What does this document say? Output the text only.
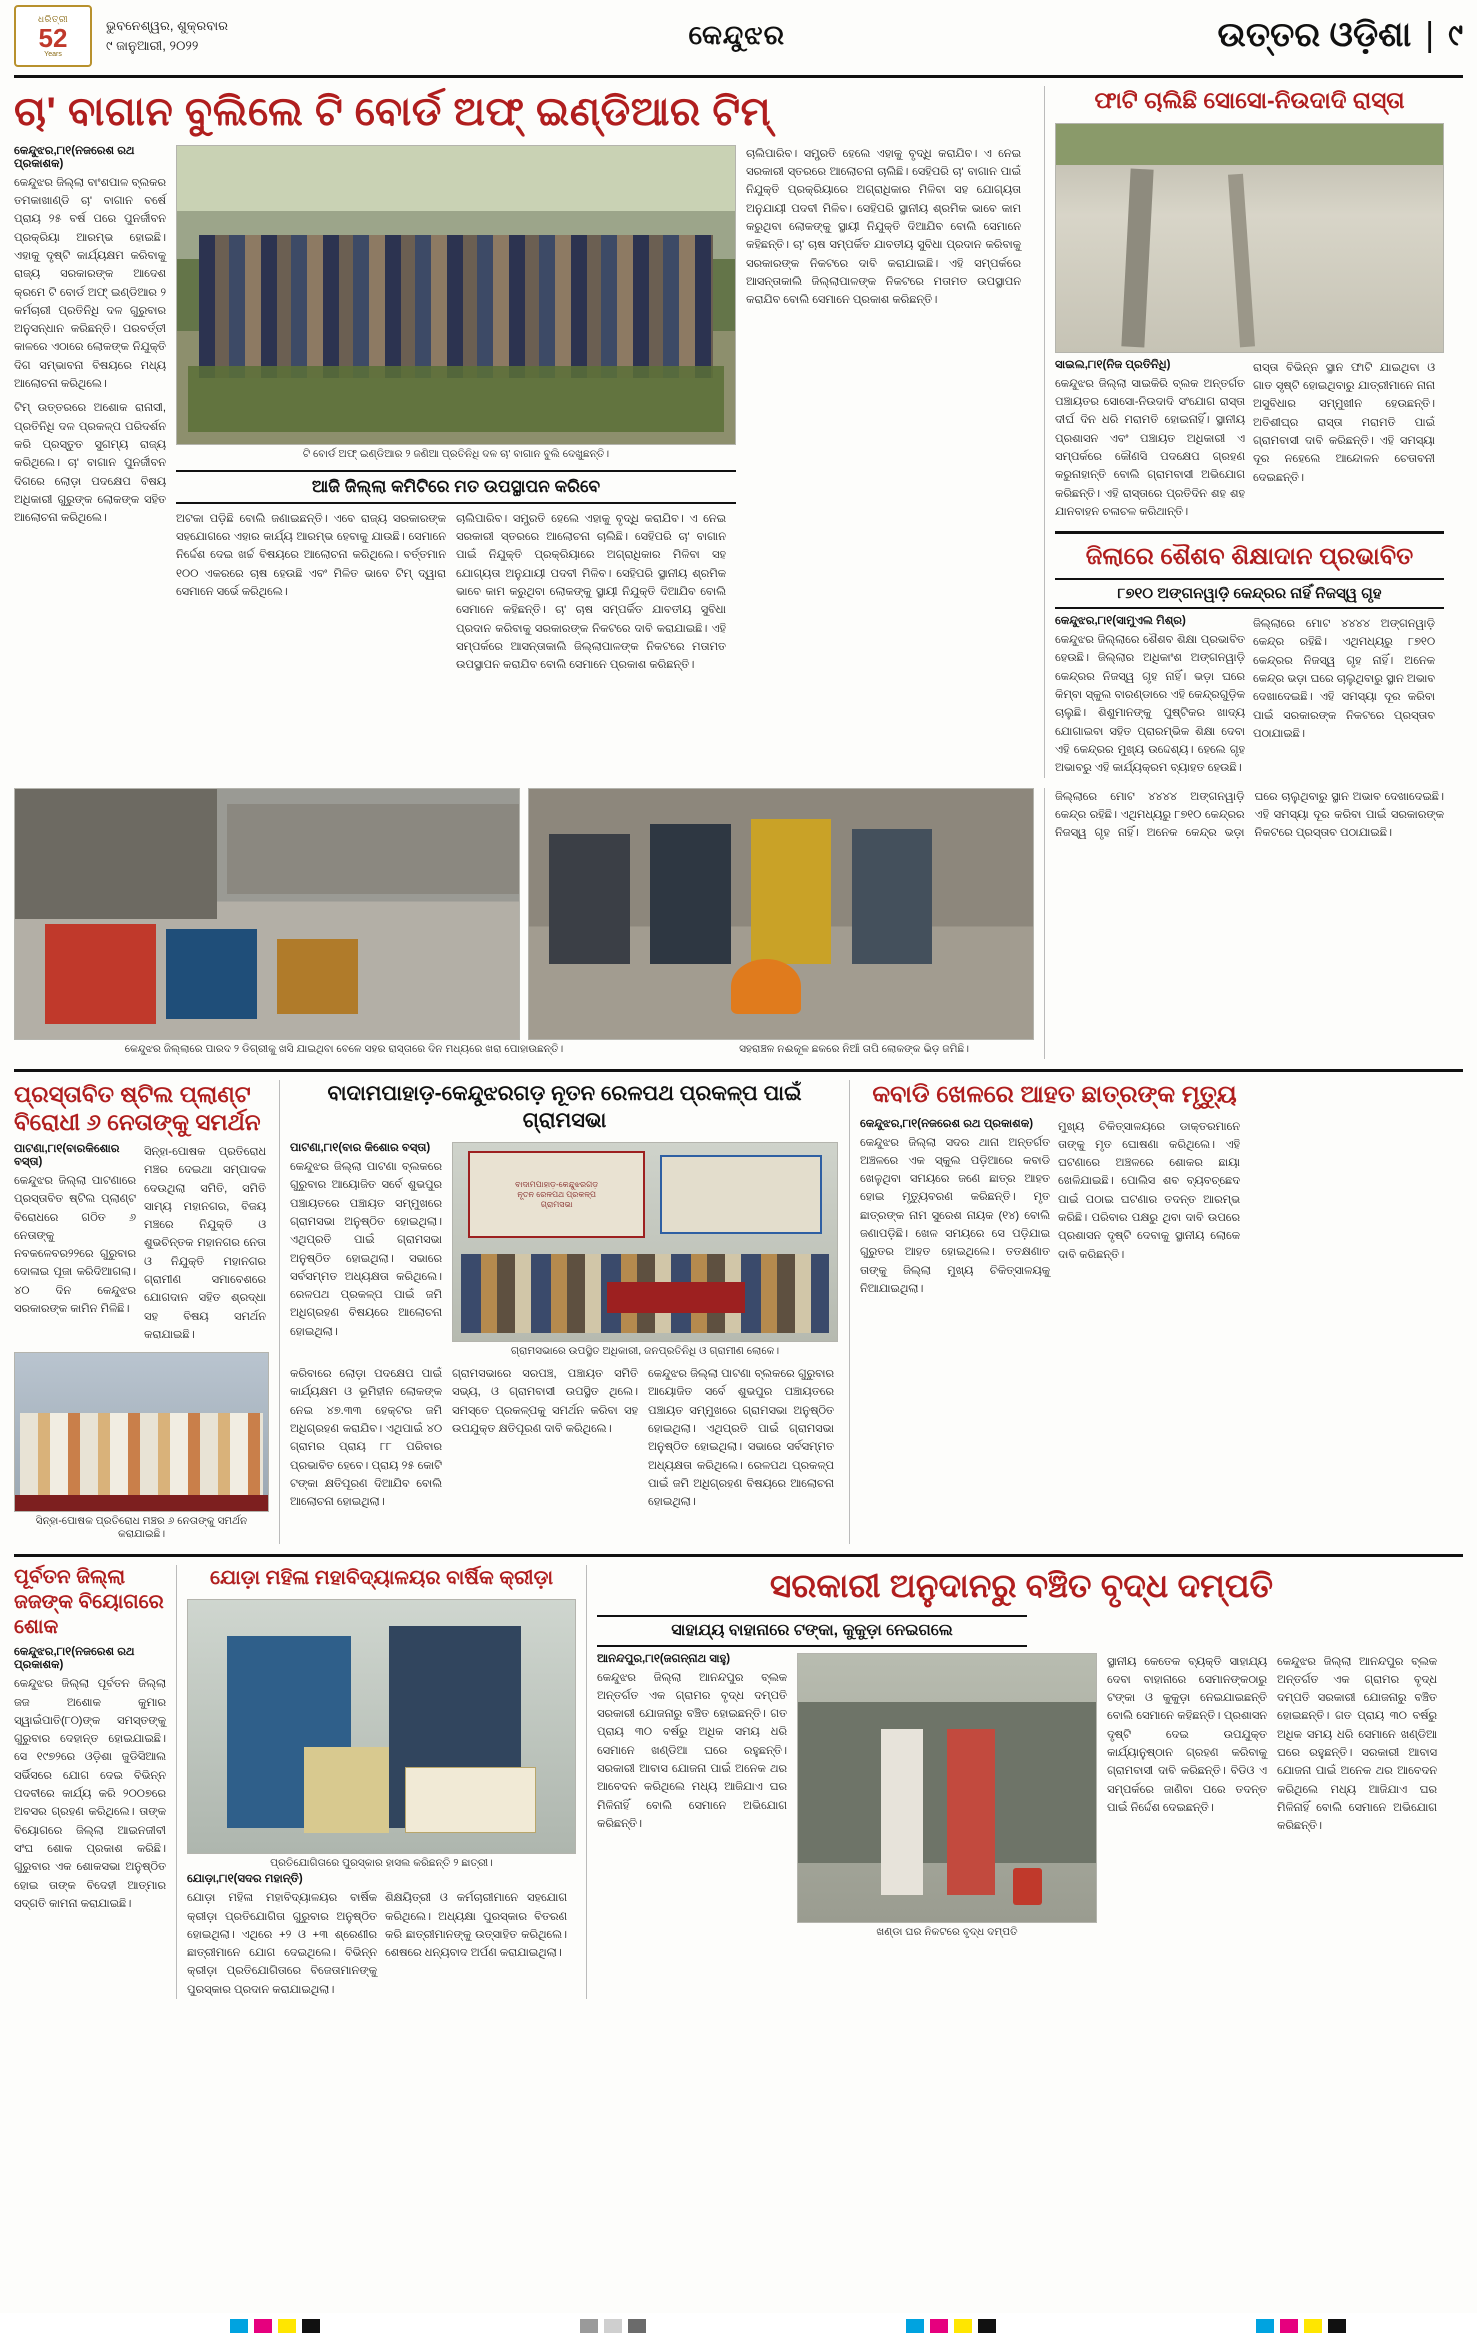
ଧରିତ୍ରୀ
52
Years
ଭୁବନେଶ୍ୱର, ଶୁକ୍ରବାର
୯ ଜାନୁଆରୀ, ୨୦୨୨	କେନ୍ଦୁଝର	ଉତ୍ତର ଓଡ଼ିଶା | ୯
ଚା' ବାଗାନ ବୁଲିଲେ ଟି ବୋର୍ଡ ଅଫ୍ ଇଣ୍ଡିଆର ଟିମ୍
କେନ୍ଦୁଝର,୮ା୧(ନଜରେଶ ରଥ ପ୍ରକାଶକ)
କେନ୍ଦୁଝର ଜିଲ୍ଲା ବାଂଶପାଳ ବ୍ଲକର ତମକାଖାଣ୍ଡି ଚା' ବାଗାନ ବର୍ଷେ ପ୍ରାୟ ୨୫ ବର୍ଷ ପରେ ପୁନର୍ଜୀବନ ପ୍ରକ୍ରିୟା ଆରମ୍ଭ ହୋଇଛି। ଏହାକୁ ଦୃଷ୍ଟି କାର୍ଯ୍ୟକ୍ଷମ କରିବାକୁ ରାଜ୍ୟ ସରକାରଙ୍କ ଆଦେଶ କ୍ରମେ ଟି ବୋର୍ଡ ଅଫ୍ ଇଣ୍ଡିଆର ୨ କର୍ମଚାରୀ ପ୍ରତିନିଧି ଦଳ ଗୁରୁବାର ଅନୁସନ୍ଧାନ କରିଛନ୍ତି। ପରବର୍ତ୍ତୀ କାଳରେ ଏଠାରେ ଲୋକଙ୍କ ନିଯୁକ୍ତି ଦିଗ ସମ୍ଭାବନା ବିଷୟରେ ମଧ୍ୟ ଆଲୋଚନା କରିଥିଲେ।
ଟିମ୍ ଉତ୍ତରରେ ଅଶୋକ ରାନାସୀ, ପ୍ରତିନିଧି ଦଳ ପ୍ରକଳ୍ପ ପରିଦର୍ଶନ କରି ପ୍ରସ୍ତୁତ ସୁଗମ୍ୟ ରାଜ୍ୟ କରିଥିଲେ। ଚା' ବାଗାନ ପୁନର୍ଜୀବନ ଦିଗରେ ଲୋଡ଼ା ପଦକ୍ଷେପ ବିଷୟ ଅଧିକାରୀ ଗୁରୁଙ୍କ ଲୋକଙ୍କ ସହିତ ଆଲୋଚନା କରିଥିଲେ।
ଟି ବୋର୍ଡ ଅଫ୍ ଇଣ୍ଡିଆର ୨ ଜଣିଆ ପ୍ରତିନିଧି ଦଳ ଚା' ବାଗାନ ବୁଲି ଦେଖୁଛନ୍ତି।
ଆଜି ଜିଲ୍ଲା କମିଟିରେ ମତ ଉପସ୍ଥାପନ କରିବେ
ଅଟକା ପଡ଼ିଛି ବୋଲି ଜଣାଇଛନ୍ତି। ଏବେ ରାଜ୍ୟ ସରକାରଙ୍କ ସହଯୋଗରେ ଏହାର କାର୍ଯ୍ୟ ଆରମ୍ଭ ହେବାକୁ ଯାଉଛି। ସେମାନେ ନିର୍ଦ୍ଦେଶ ଦେଇ ଖର୍ଚ୍ଚ ବିଷୟରେ ଆଲୋଚନା କରିଥିଲେ। ବର୍ତ୍ତମାନ ୧୦୦ ଏକରରେ ଚାଷ ହେଉଛି ଏବଂ ମିଳିତ ଭାବେ ଟିମ୍ ଦ୍ୱାରା ସେମାନେ ସର୍ଭେ କରିଥିଲେ।
ଚାଲିପାରିବ। ସମ୍ପ୍ରତି ହେଲେ ଏହାକୁ ବୃଦ୍ଧି କରାଯିବ। ଏ ନେଇ ସରକାରୀ ସ୍ତରରେ ଆଲୋଚନା ଚାଲିଛି। ସେହିପରି ଚା' ବାଗାନ ପାଇଁ ନିଯୁକ୍ତି ପ୍ରକ୍ରିୟାରେ ଅଗ୍ରାଧିକାର ମିଳିବା ସହ ଯୋଗ୍ୟତା ଅନୁଯାୟୀ ପଦବୀ ମିଳିବ। ସେହିପରି ସ୍ଥାନୀୟ ଶ୍ରମିକ ଭାବେ କାମ କରୁଥିବା ଲୋକଙ୍କୁ ସ୍ଥାୟୀ ନିଯୁକ୍ତି ଦିଆଯିବ ବୋଲି ସେମାନେ କହିଛନ୍ତି। ଚା' ଚାଷ ସମ୍ପର୍କିତ ଯାବତୀୟ ସୁବିଧା ପ୍ରଦାନ କରିବାକୁ ସରକାରଙ୍କ ନିକଟରେ ଦାବି କରାଯାଇଛି। ଏହି ସମ୍ପର୍କରେ ଆସନ୍ତାକାଲି ଜିଲ୍ଲାପାଳଙ୍କ ନିକଟରେ ମତାମତ ଉପସ୍ଥାପନ କରାଯିବ ବୋଲି ସେମାନେ ପ୍ରକାଶ କରିଛନ୍ତି।
ଚାଲିପାରିବ। ସମ୍ପ୍ରତି ହେଲେ ଏହାକୁ ବୃଦ୍ଧି କରାଯିବ। ଏ ନେଇ ସରକାରୀ ସ୍ତରରେ ଆଲୋଚନା ଚାଲିଛି। ସେହିପରି ଚା' ବାଗାନ ପାଇଁ ନିଯୁକ୍ତି ପ୍ରକ୍ରିୟାରେ ଅଗ୍ରାଧିକାର ମିଳିବା ସହ ଯୋଗ୍ୟତା ଅନୁଯାୟୀ ପଦବୀ ମିଳିବ। ସେହିପରି ସ୍ଥାନୀୟ ଶ୍ରମିକ ଭାବେ କାମ କରୁଥିବା ଲୋକଙ୍କୁ ସ୍ଥାୟୀ ନିଯୁକ୍ତି ଦିଆଯିବ ବୋଲି ସେମାନେ କହିଛନ୍ତି। ଚା' ଚାଷ ସମ୍ପର୍କିତ ଯାବତୀୟ ସୁବିଧା ପ୍ରଦାନ କରିବାକୁ ସରକାରଙ୍କ ନିକଟରେ ଦାବି କରାଯାଇଛି। ଏହି ସମ୍ପର୍କରେ ଆସନ୍ତାକାଲି ଜିଲ୍ଲାପାଳଙ୍କ ନିକଟରେ ମତାମତ ଉପସ୍ଥାପନ କରାଯିବ ବୋଲି ସେମାନେ ପ୍ରକାଶ କରିଛନ୍ତି।
ଫାଟି ଚାଲିଛି ସୋସୋ-ନିଉଦାଦି ରାସ୍ତା
ସାଇଲ,୮ା୧(ନିଜ ପ୍ରତିନିଧି)
କେନ୍ଦୁଝର ଜିଲ୍ଲା ସାଇକିରି ବ୍ଲକ ଅନ୍ତର୍ଗତ ପଞ୍ଚାୟତର ସୋସୋ-ନିଉଦାଦି ସଂଯୋଗ ରାସ୍ତା ଦୀର୍ଘ ଦିନ ଧରି ମରାମତି ହୋଇନାହିଁ। ସ୍ଥାନୀୟ ପ୍ରଶାସନ ଏବଂ ପଞ୍ଚାୟତ ଅଧିକାରୀ ଏ ସମ୍ପର୍କରେ କୌଣସି ପଦକ୍ଷେପ ଗ୍ରହଣ କରୁନାହାନ୍ତି ବୋଲି ଗ୍ରାମବାସୀ ଅଭିଯୋଗ କରିଛନ୍ତି। ଏହି ରାସ୍ତାରେ ପ୍ରତିଦିନ ଶହ ଶହ ଯାନବାହନ ଚଳାଚଳ କରିଥାନ୍ତି।
ରାସ୍ତା ବିଭିନ୍ନ ସ୍ଥାନ ଫାଟି ଯାଇଥିବା ଓ ଗାତ ସୃଷ୍ଟି ହୋଇଥିବାରୁ ଯାତ୍ରୀମାନେ ନାନା ଅସୁବିଧାର ସମ୍ମୁଖୀନ ହେଉଛନ୍ତି। ଅତିଶୀଘ୍ର ରାସ୍ତା ମରାମତି ପାଇଁ ଗ୍ରାମବାସୀ ଦାବି କରିଛନ୍ତି। ଏହି ସମସ୍ୟା ଦୂର ନହେଲେ ଆନ୍ଦୋଳନ ଚେତାବନୀ ଦେଇଛନ୍ତି।
ଜିଲାରେ ଶୈଶବ ଶିକ୍ଷାଦାନ ପ୍ରଭାବିତ
୮୭୧୦ ଅଙ୍ଗନୱାଡ଼ି କେନ୍ଦ୍ରର ନାହିଁ ନିଜସ୍ୱ ଗୃହ
କେନ୍ଦୁଝର,୮ା୧(ସାମୁଏଲ ମିଶ୍ର)
କେନ୍ଦୁଝର ଜିଲ୍ଲାରେ ଶୈଶବ ଶିକ୍ଷା ପ୍ରଭାବିତ ହେଉଛି। ଜିଲ୍ଲାର ଅଧିକାଂଶ ଅଙ୍ଗନୱାଡ଼ି କେନ୍ଦ୍ରର ନିଜସ୍ୱ ଗୃହ ନାହିଁ। ଭଡ଼ା ଘରେ କିମ୍ବା ସ୍କୁଲ ବାରଣ୍ଡାରେ ଏହି କେନ୍ଦ୍ରଗୁଡ଼ିକ ଚାଲୁଛି। ଶିଶୁମାନଙ୍କୁ ପୁଷ୍ଟିକର ଖାଦ୍ୟ ଯୋଗାଇବା ସହିତ ପ୍ରାରମ୍ଭିକ ଶିକ୍ଷା ଦେବା ଏହି କେନ୍ଦ୍ରର ମୁଖ୍ୟ ଉଦ୍ଦେଶ୍ୟ। ହେଲେ ଗୃହ ଅଭାବରୁ ଏହି କାର୍ଯ୍ୟକ୍ରମ ବ୍ୟାହତ ହେଉଛି।
ଜିଲ୍ଲାରେ ମୋଟ ୪୪୪୪ ଅଙ୍ଗନୱାଡ଼ି କେନ୍ଦ୍ର ରହିଛି। ଏଥିମଧ୍ୟରୁ ୮୭୧୦ କେନ୍ଦ୍ରର ନିଜସ୍ୱ ଗୃହ ନାହିଁ। ଅନେକ କେନ୍ଦ୍ର ଭଡ଼ା ଘରେ ଚାଲୁଥିବାରୁ ସ୍ଥାନ ଅଭାବ ଦେଖାଦେଇଛି। ଏହି ସମସ୍ୟା ଦୂର କରିବା ପାଇଁ ସରକାରଙ୍କ ନିକଟରେ ପ୍ରସ୍ତାବ ପଠାଯାଇଛି।
କେନ୍ଦୁଝର ଜିଲ୍ଲାରେ ପାରଦ ୨ ଡିଗ୍ରୀକୁ ଖସି ଯାଇଥିବା ବେଳେ ସହର ରାସ୍ତାରେ ଦିନ ମଧ୍ୟରେ ଖରା ପୋହାଉଛନ୍ତି।	ସହରାଞ୍ଚଳ ନଈକୂଳ ଛକରେ ନିଆଁ ତାପି ଲୋକଙ୍କ ଭିଡ଼ ଜମିଛି।
ଜିଲ୍ଲାରେ ମୋଟ ୪୪୪୪ ଅଙ୍ଗନୱାଡ଼ି କେନ୍ଦ୍ର ରହିଛି। ଏଥିମଧ୍ୟରୁ ୮୭୧୦ କେନ୍ଦ୍ରର ନିଜସ୍ୱ ଗୃହ ନାହିଁ। ଅନେକ କେନ୍ଦ୍ର ଭଡ଼ା ଘରେ ଚାଲୁଥିବାରୁ ସ୍ଥାନ ଅଭାବ ଦେଖାଦେଇଛି। ଏହି ସମସ୍ୟା ଦୂର କରିବା ପାଇଁ ସରକାରଙ୍କ ନିକଟରେ ପ୍ରସ୍ତାବ ପଠାଯାଇଛି।
ପ୍ରସ୍ତାବିତ ଷ୍ଟିଲ ପ୍ଲାଣ୍ଟ ବିରୋଧୀ ୬ ନେତାଙ୍କୁ ସମର୍ଥନ
ପାଟଣା,୮ା୧(ବାରକିଶୋର ବସ୍ତା)
କେନ୍ଦୁଝର ଜିଲ୍ଲା ପାଟଣାରେ ପ୍ରସ୍ତାବିତ ଷ୍ଟିଲ ପ୍ଲାଣ୍ଟ ବିରୋଧରେ ଗଠିତ ୬ ନେତାଙ୍କୁ ନବକଳେବର୨୨ରେ ଗୁରୁବାର ଦୋଳାଇ ପୂଜା କରିଦିଆଗଲା। ୪୦ ଦିନ କେନ୍ଦୁଝର ସରକାରଙ୍କ କାମିନ ମିଳିଛି।
ସିନ୍ହା-ପୋଷକ ପ୍ରତିରୋଧ ମଞ୍ଚର ଦେଇଥା ସମ୍ପାଦକ ଦେଉଥିଲା ସମିତି, ସମିତି ସାମ୍ୟ ମହାନଗର, ବିଜୟ ମଞ୍ଚରେ ନିଯୁକ୍ତି ଓ ଶୁଭଚିନ୍ତକ ମହାନଗର ନେତା ଓ ନିଯୁକ୍ତି ମହାନଗର ଗ୍ରାମୀଣ ସମାବେଶରେ ଯୋଗଦାନ ସହିତ ଶ୍ରଦ୍ଧା ସହ ବିଷୟ ସମର୍ଥନ କରାଯାଇଛି।
ସିନ୍ହା-ପୋଷକ ପ୍ରତିରୋଧ ମଞ୍ଚର ୬ ନେତାଙ୍କୁ ସମର୍ଥନ କରାଯାଇଛି।
ବାଦାମପାହାଡ଼-କେନ୍ଦୁଝରଗଡ଼ ନୂତନ ରେଳପଥ ପ୍ରକଳ୍ପ ପାଇଁ ଗ୍ରାମସଭା
ପାଟଣା,୮ା୧(ବାର କିଶୋର ବସ୍ତା)
କେନ୍ଦୁଝର ଜିଲ୍ଲା ପାଟଣା ବ୍ଲକରେ ଗୁରୁବାର ଆୟୋଜିତ ସର୍ବେ ଶୁଭପୁର ପଞ୍ଚାୟତରେ ପଞ୍ଚାୟତ ସମ୍ମୁଖରେ ଗ୍ରାମସଭା ଅନୁଷ୍ଠିତ ହୋଇଥିଲା। ଏଥିପ୍ରତି ପାଇଁ ଗ୍ରାମସଭା ଅନୁଷ୍ଠିତ ହୋଇଥିଲା। ସଭାରେ ସର୍ବସମ୍ମତ ଅଧ୍ୟକ୍ଷତା କରିଥିଲେ। ରେଳପଥ ପ୍ରକଳ୍ପ ପାଇଁ ଜମି ଅଧିଗ୍ରହଣ ବିଷୟରେ ଆଲୋଚନା ହୋଇଥିଲା।
ବାଦାମପାହାଡ଼-କେନ୍ଦୁଝରଗଡ଼
ନୂତନ ରେଳପଥ ପ୍ରକଳ୍ପ
ଗ୍ରାମସଭା
ଗ୍ରାମସଭାରେ ଉପସ୍ଥିତ ଅଧିକାରୀ, ଜନପ୍ରତିନିଧି ଓ ଗ୍ରାମୀଣ ଲୋକେ।
କରିବାରେ ଲୋଡ଼ା ପଦକ୍ଷେପ ପାଇଁ କାର୍ଯ୍ୟକ୍ଷମ ଓ ଭୂମିହୀନ ଲୋକଙ୍କ ନେଇ ୪୭.୩୩ ହେକ୍ଟର ଜମି ଅଧିଗ୍ରହଣ କରାଯିବ। ଏଥିପାଇଁ ୪୦ ଗ୍ରାମର ପ୍ରାୟ ୮୮ ପରିବାର ପ୍ରଭାବିତ ହେବେ। ପ୍ରାୟ ୨୫ କୋଟି ଟଙ୍କା କ୍ଷତିପୂରଣ ଦିଆଯିବ ବୋଲି ଆଲୋଚନା ହୋଇଥିଲା।
ଗ୍ରାମସଭାରେ ସରପଞ୍ଚ, ପଞ୍ଚାୟତ ସମିତି ସଭ୍ୟ, ଓ ଗ୍ରାମବାସୀ ଉପସ୍ଥିତ ଥିଲେ। ସମସ୍ତେ ପ୍ରକଳ୍ପକୁ ସମର୍ଥନ କରିବା ସହ ଉପଯୁକ୍ତ କ୍ଷତିପୂରଣ ଦାବି କରିଥିଲେ।
କେନ୍ଦୁଝର ଜିଲ୍ଲା ପାଟଣା ବ୍ଲକରେ ଗୁରୁବାର ଆୟୋଜିତ ସର୍ବେ ଶୁଭପୁର ପଞ୍ଚାୟତରେ ପଞ୍ଚାୟତ ସମ୍ମୁଖରେ ଗ୍ରାମସଭା ଅନୁଷ୍ଠିତ ହୋଇଥିଲା। ଏଥିପ୍ରତି ପାଇଁ ଗ୍ରାମସଭା ଅନୁଷ୍ଠିତ ହୋଇଥିଲା। ସଭାରେ ସର୍ବସମ୍ମତ ଅଧ୍ୟକ୍ଷତା କରିଥିଲେ। ରେଳପଥ ପ୍ରକଳ୍ପ ପାଇଁ ଜମି ଅଧିଗ୍ରହଣ ବିଷୟରେ ଆଲୋଚନା ହୋଇଥିଲା।
କବାଡି ଖେଳରେ ଆହତ ଛାତ୍ରଙ୍କ ମୃତ୍ୟୁ
କେନ୍ଦୁଝର,୮ା୧(ନଜରେଶ ରଥ ପ୍ରକାଶକ)
କେନ୍ଦୁଝର ଜିଲ୍ଲା ସଦର ଥାନା ଅନ୍ତର୍ଗତ ଅଞ୍ଚଳରେ ଏକ ସ୍କୁଲ ପଡ଼ିଆରେ କବାଡି ଖେଳୁଥିବା ସମୟରେ ଜଣେ ଛାତ୍ର ଆହତ ହୋଇ ମୃତ୍ୟୁବରଣ କରିଛନ୍ତି। ମୃତ ଛାତ୍ରଙ୍କ ନାମ ସୁରେଶ ନାୟକ (୧୪) ବୋଲି ଜଣାପଡ଼ିଛି। ଖେଳ ସମୟରେ ସେ ପଡ଼ିଯାଇ ଗୁରୁତର ଆହତ ହୋଇଥିଲେ। ତତକ୍ଷଣାତ ତାଙ୍କୁ ଜିଲ୍ଲା ମୁଖ୍ୟ ଚିକିତ୍ସାଳୟକୁ ନିଆଯାଇଥିଲା।
ମୁଖ୍ୟ ଚିକିତ୍ସାଳୟରେ ଡାକ୍ତରମାନେ ତାଙ୍କୁ ମୃତ ଘୋଷଣା କରିଥିଲେ। ଏହି ଘଟଣାରେ ଅଞ୍ଚଳରେ ଶୋକର ଛାୟା ଖେଳିଯାଇଛି। ପୋଲିସ ଶବ ବ୍ୟବଚ୍ଛେଦ ପାଇଁ ପଠାଇ ଘଟଣାର ତଦନ୍ତ ଆରମ୍ଭ କରିଛି। ପରିବାର ପକ୍ଷରୁ ଥିବା ଦାବି ଉପରେ ପ୍ରଶାସନ ଦୃଷ୍ଟି ଦେବାକୁ ସ୍ଥାନୀୟ ଲୋକେ ଦାବି କରିଛନ୍ତି।
ପୂର୍ବତନ ଜିଲ୍ଲା ଜଜଙ୍କ ବିୟୋଗରେ ଶୋକ
କେନ୍ଦୁଝର,୮ା୧(ନଜରେଶ ରଥ ପ୍ରକାଶକ)
କେନ୍ଦୁଝର ଜିଲ୍ଲା ପୂର୍ବତନ ଜିଲ୍ଲା ଜଜ ଅଶୋକ କୁମାର ସ୍ୱାଇଁପାତି(୮୦)ଙ୍କ ସମସ୍ତଙ୍କୁ ଗୁରୁବାର ଦେହାନ୍ତ ହୋଇଯାଇଛି। ସେ ୧୯୭୨ରେ ଓଡ଼ିଶା ଜୁଡିସିଆଲ ସର୍ଭିସରେ ଯୋଗ ଦେଇ ବିଭିନ୍ନ ପଦବୀରେ କାର୍ଯ୍ୟ କରି ୨୦୦୭ରେ ଅବସର ଗ୍ରହଣ କରିଥିଲେ। ତାଙ୍କ ବିୟୋଗରେ ଜିଲ୍ଲା ଆଇନଜୀବୀ ସଂଘ ଶୋକ ପ୍ରକାଶ କରିଛି। ଗୁରୁବାର ଏକ ଶୋକସଭା ଅନୁଷ୍ଠିତ ହୋଇ ତାଙ୍କ ବିଦେହୀ ଆତ୍ମାର ସଦ୍‌ଗତି କାମନା କରାଯାଇଛି।
ଯୋଡ଼ା ମହିଳା ମହାବିଦ୍ୟାଳୟର ବାର୍ଷିକ କ୍ରୀଡ଼ା
ପ୍ରତିଯୋଗିତାରେ ପୁରସ୍କାର ହାସଲ କରିଛନ୍ତି ୨ ଛାତ୍ରୀ।
ଯୋଡ଼ା,୮ା୧(ସଦର ମହାନ୍ତି)
ଯୋଡ଼ା ମହିଳା ମହାବିଦ୍ୟାଳୟର ବାର୍ଷିକ କ୍ରୀଡ଼ା ପ୍ରତିଯୋଗିତା ଗୁରୁବାର ଅନୁଷ୍ଠିତ ହୋଇଥିଲା। ଏଥିରେ +୨ ଓ +୩ ଶ୍ରେଣୀର ଛାତ୍ରୀମାନେ ଯୋଗ ଦେଇଥିଲେ। ବିଭିନ୍ନ କ୍ରୀଡ଼ା ପ୍ରତିଯୋଗିତାରେ ବିଜେତାମାନଙ୍କୁ ପୁରସ୍କାର ପ୍ରଦାନ କରାଯାଇଥିଲା।
ଶିକ୍ଷୟିତ୍ରୀ ଓ କର୍ମଚାରୀମାନେ ସହଯୋଗ କରିଥିଲେ। ଅଧ୍ୟକ୍ଷା ପୁରସ୍କାର ବିତରଣ କରି ଛାତ୍ରୀମାନଙ୍କୁ ଉତ୍ସାହିତ କରିଥିଲେ। ଶେଷରେ ଧନ୍ୟବାଦ ଅର୍ପଣ କରାଯାଇଥିଲା।
ସରକାରୀ ଅନୁଦାନରୁ ବଞ୍ଚିତ ବୃଦ୍ଧ ଦମ୍ପତି
ସାହାଯ୍ୟ ବାହାନାରେ ଟଙ୍କା, କୁକୁଡ଼ା ନେଇଗଲେ
ଆନନ୍ଦପୁର,୮ା୧(ଜଗନ୍ନାଥ ସାହୁ)
କେନ୍ଦୁଝର ଜିଲ୍ଲା ଆନନ୍ଦପୁର ବ୍ଲକ ଅନ୍ତର୍ଗତ ଏକ ଗ୍ରାମର ବୃଦ୍ଧ ଦମ୍ପତି ସରକାରୀ ଯୋଜନାରୁ ବଞ୍ଚିତ ହୋଇଛନ୍ତି। ଗତ ପ୍ରାୟ ୩୦ ବର୍ଷରୁ ଅଧିକ ସମୟ ଧରି ସେମାନେ ଖଣ୍ଡିଆ ଘରେ ରହୁଛନ୍ତି। ସରକାରୀ ଆବାସ ଯୋଜନା ପାଇଁ ଅନେକ ଥର ଆବେଦନ କରିଥିଲେ ମଧ୍ୟ ଆଜିଯାଏ ଘର ମିଳିନାହିଁ ବୋଲି ସେମାନେ ଅଭିଯୋଗ କରିଛନ୍ତି।
ଖଣ୍ଡା ଘର ନିକଟରେ ବୃଦ୍ଧ ଦମ୍ପତି
ସ୍ଥାନୀୟ କେତେକ ବ୍ୟକ୍ତି ସାହାଯ୍ୟ ଦେବା ବାହାନାରେ ସେମାନଙ୍କଠାରୁ ଟଙ୍କା ଓ କୁକୁଡ଼ା ନେଇଯାଇଛନ୍ତି ବୋଲି ସେମାନେ କହିଛନ୍ତି। ପ୍ରଶାସନ ଦୃଷ୍ଟି ଦେଇ ଉପଯୁକ୍ତ କାର୍ଯ୍ୟାନୁଷ୍ଠାନ ଗ୍ରହଣ କରିବାକୁ ଗ୍ରାମବାସୀ ଦାବି କରିଛନ୍ତି। ବିଡିଓ ଏ ସମ୍ପର୍କରେ ଜାଣିବା ପରେ ତଦନ୍ତ ପାଇଁ ନିର୍ଦ୍ଦେଶ ଦେଇଛନ୍ତି।
କେନ୍ଦୁଝର ଜିଲ୍ଲା ଆନନ୍ଦପୁର ବ୍ଲକ ଅନ୍ତର୍ଗତ ଏକ ଗ୍ରାମର ବୃଦ୍ଧ ଦମ୍ପତି ସରକାରୀ ଯୋଜନାରୁ ବଞ୍ଚିତ ହୋଇଛନ୍ତି। ଗତ ପ୍ରାୟ ୩୦ ବର୍ଷରୁ ଅଧିକ ସମୟ ଧରି ସେମାନେ ଖଣ୍ଡିଆ ଘରେ ରହୁଛନ୍ତି। ସରକାରୀ ଆବାସ ଯୋଜନା ପାଇଁ ଅନେକ ଥର ଆବେଦନ କରିଥିଲେ ମଧ୍ୟ ଆଜିଯାଏ ଘର ମିଳିନାହିଁ ବୋଲି ସେମାନେ ଅଭିଯୋଗ କରିଛନ୍ତି।
